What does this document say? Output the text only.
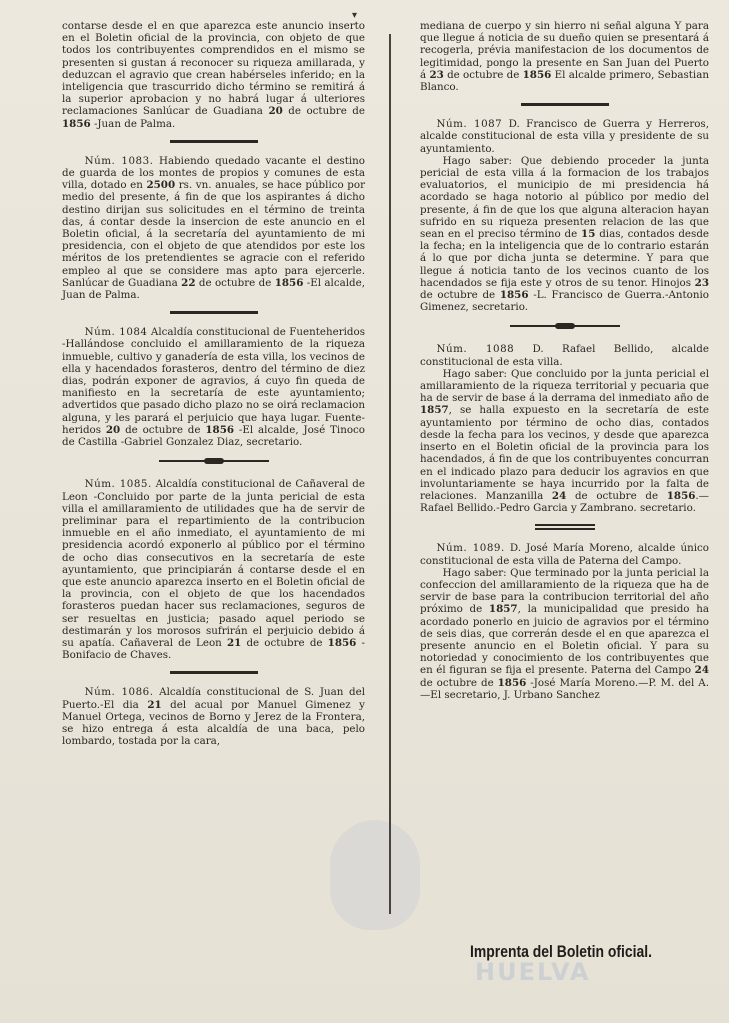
▾

contarse desde el en que aparezca este anuncio inserto en el Boletin oficial de la provincia, con objeto de que todos los contribuyentes comprendidos en el mismo se presenten si gustan á reconocer su riqueza amillarada, y deduzcan el agravio que crean habérseles inferido; en la inteligencia que trascurrido dicho término se remitirá á la superior aprobacion y no habrá lugar á ulteriores reclamaciones Sanlúcar de Guadiana 20 de octubre de 1856 -Juan de Palma.

Núm. 1083. Habiendo quedado vacante el destino de guarda de los montes de propios y comunes de esta villa, dotado en 2500 rs. vn. anuales, se hace público por medio del presente, á fin de que los aspirantes á dicho destino dirijan sus solicitudes en el término de treinta das, á contar desde la insercion de este anuncio en el Boletin oficial, á la secretaría del ayuntamiento de mi presidencia, con el objeto de que atendidos por este los méritos de los pretendientes se agracie con el referido empleo al que se considere mas apto para ejercerle. Sanlúcar de Guadiana 22 de octubre de 1856 -El alcalde, Juan de Palma.

Núm. 1084 Alcaldía constitucional de Fuenteheridos -Hallándose concluido el amillaramiento de la riqueza inmueble, cultivo y ganadería de esta villa, los vecinos de ella y hacendados forasteros, dentro del término de diez dias, podrán exponer de agravios, á cuyo fin queda de manifiesto en la secretaría de este ayuntamiento; advertidos que pasado dicho plazo no se oirá reclamacion alguna, y les parará el perjuicio que haya lugar. Fuente-heridos 20 de octubre de 1856 -El alcalde, José Tinoco de Castilla -Gabriel Gonzalez Diaz, secretario.

Núm. 1085. Alcaldía constitucional de Cañaveral de Leon -Concluido por parte de la junta pericial de esta villa el amillaramiento de utilidades que ha de servir de preliminar para el repartimiento de la contribucion inmueble en el año inmediato, el ayuntamiento de mi presidencia acordó exponerlo al público por el término de ocho dias consecutivos en la secretaría de este ayuntamiento, que principiarán á contarse desde el en que este anuncio aparezca inserto en el Boletin oficial de la provincia, con el objeto de que los hacendados forasteros puedan hacer sus reclamaciones, seguros de ser resueltas en justicia; pasado aquel periodo se destimarán y los morosos sufrirán el perjuicio debido á su apatía. Cañaveral de Leon 21 de octubre de 1856 -Bonifacio de Chaves.

Núm. 1086. Alcaldía constitucional de S. Juan del Puerto.-El dia 21 del acual por Manuel Gimenez y Manuel Ortega, vecinos de Borno y Jerez de la Frontera, se hizo entrega á esta alcaldía de una baca, pelo lombardo, tostada por la cara,

mediana de cuerpo y sin hierro ni señal alguna Y para que llegue á noticia de su dueño quien se presentará á recogerla, prévia manifestacion de los documentos de legitimidad, pongo la presente en San Juan del Puerto á 23 de octubre de 1856 El alcalde primero, Sebastian Blanco.

Núm. 1087 D. Francisco de Guerra y Herreros, alcalde constitucional de esta villa y presidente de su ayuntamiento.

Hago saber: Que debiendo proceder la junta pericial de esta villa á la formacion de los trabajos evaluatorios, el municipio de mi presidencia há acordado se haga notorio al público por medio del presente, á fin de que los que alguna alteracion hayan sufrido en su riqueza presenten relacion de las que sean en el preciso término de 15 dias, contados desde la fecha; en la inteligencia que de lo contrario estarán á lo que por dicha junta se determine. Y para que llegue á noticia tanto de los vecinos cuanto de los hacendados se fija este y otros de su tenor. Hinojos 23 de octubre de 1856 -L. Francisco de Guerra.-Antonio Gimenez, secretario.

Núm. 1088 D. Rafael Bellido, alcalde constitucional de esta villa.

Hago saber: Que concluido por la junta pericial el amillaramiento de la riqueza territorial y pecuaria que ha de servir de base á la derrama del inmediato año de 1857, se halla expuesto en la secretaría de este ayuntamiento por término de ocho dias, contados desde la fecha para los vecinos, y desde que aparezca inserto en el Boletin oficial de la provincia para los hacendados, á fin de que los contribuyentes concurran en el indicado plazo para deducir los agravios en que involuntariamente se haya incurrido por la falta de relaciones. Manzanilla 24 de octubre de 1856.—Rafael Bellido.-Pedro Garcia y Zambrano. secretario.

Núm. 1089. D. José María Moreno, alcalde único constitucional de esta villa de Paterna del Campo.

Hago saber: Que terminado por la junta pericial la confeccion del amillaramiento de la riqueza que ha de servir de base para la contribucion territorial del año próximo de 1857, la municipalidad que presido ha acordado ponerlo en juicio de agravios por el término de seis dias, que correrán desde el en que aparezca el presente anuncio en el Boletin oficial. Y para su notoriedad y conocimiento de los contribuyentes que en él figuran se fija el presente. Paterna del Campo 24 de octubre de 1856 -José María Moreno.—P. M. del A.—El secretario, J. Urbano Sanchez

HUELVA
Imprenta del Boletin oficial.
